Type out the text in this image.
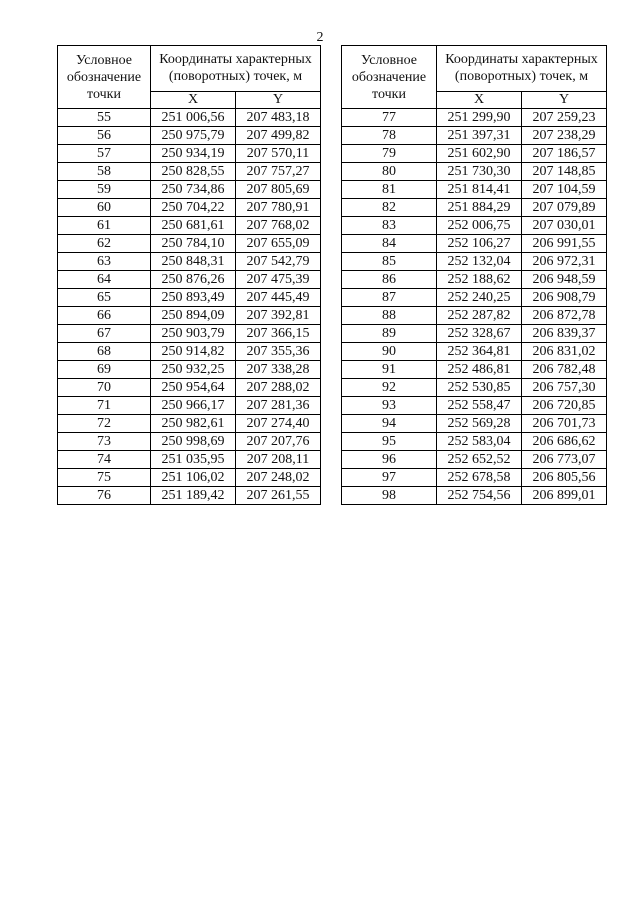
2
Условное обозначение точки	Координаты характерных (поворотных) точек, м	
	X	Y
55	251 006,56	207 483,18
56	250 975,79	207 499,82
57	250 934,19	207 570,11
58	250 828,55	207 757,27
59	250 734,86	207 805,69
60	250 704,22	207 780,91
61	250 681,61	207 768,02
62	250 784,10	207 655,09
63	250 848,31	207 542,79
64	250 876,26	207 475,39
65	250 893,49	207 445,49
66	250 894,09	207 392,81
67	250 903,79	207 366,15
68	250 914,82	207 355,36
69	250 932,25	207 338,28
70	250 954,64	207 288,02
71	250 966,17	207 281,36
72	250 982,61	207 274,40
73	250 998,69	207 207,76
74	251 035,95	207 208,11
75	251 106,02	207 248,02
76	251 189,42	207 261,55
Условное обозначение точки	Координаты характерных (поворотных) точек, м	
	X	Y
77	251 299,90	207 259,23
78	251 397,31	207 238,29
79	251 602,90	207 186,57
80	251 730,30	207 148,85
81	251 814,41	207 104,59
82	251 884,29	207 079,89
83	252 006,75	207 030,01
84	252 106,27	206 991,55
85	252 132,04	206 972,31
86	252 188,62	206 948,59
87	252 240,25	206 908,79
88	252 287,82	206 872,78
89	252 328,67	206 839,37
90	252 364,81	206 831,02
91	252 486,81	206 782,48
92	252 530,85	206 757,30
93	252 558,47	206 720,85
94	252 569,28	206 701,73
95	252 583,04	206 686,62
96	252 652,52	206 773,07
97	252 678,58	206 805,56
98	252 754,56	206 899,01
